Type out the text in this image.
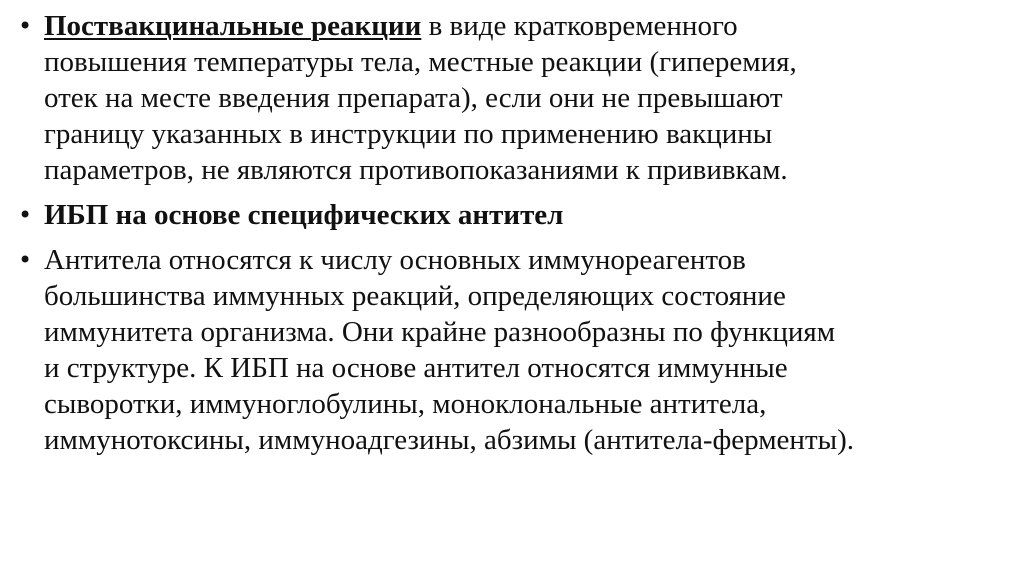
• Поствакцинальные реакции в виде кратковременного
повышения температуры тела, местные реакции (гиперемия,
отек на месте введения препарата), если они не превышают
границу указанных в инструкции по применению вакцины
параметров, не являются противопоказаниями к прививкам.
• ИБП на основе специфических антител
• Антитела относятся к числу основных иммунореагентов
большинства иммунных реакций, определяющих состояние
иммунитета организма. Они крайне разнообразны по функциям
и структуре. К ИБП на основе антител относятся иммунные
сыворотки, иммуноглобулины, моноклональные антитела,
иммунотоксины, иммуноадгезины, абзимы (антитела-ферменты).
